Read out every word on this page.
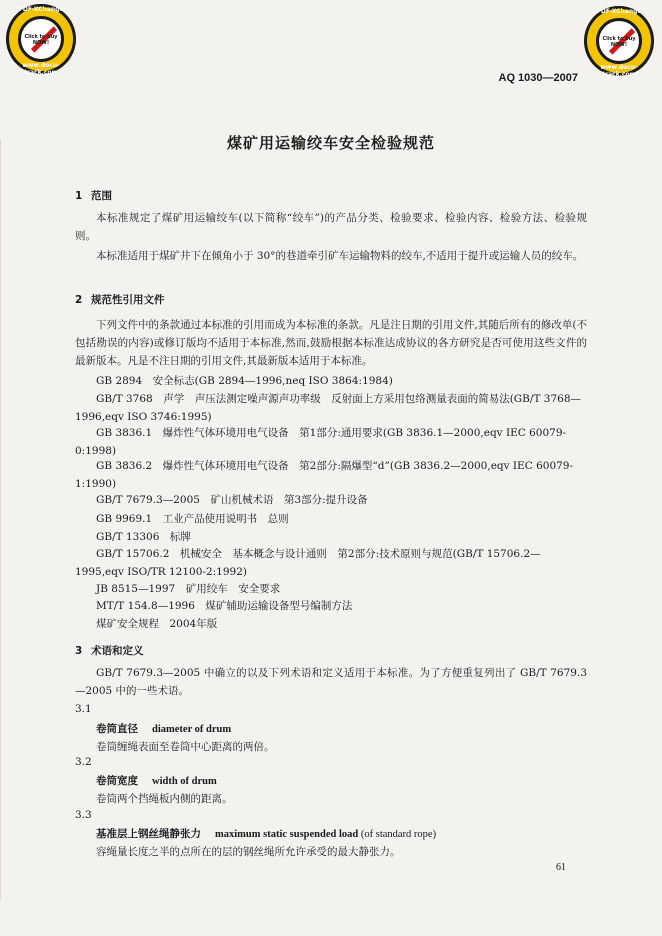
PDF-XChange
Click to buy NOW!
www.docu-track.com
PDF-XChange
Click to buy NOW!
www.docu-track.com
AQ 1030—2007
煤矿用运输绞车安全检验规范
1 范围
本标准规定了煤矿用运输绞车(以下简称“绞车”)的产品分类、检验要求、检验内容、检验方法、检验规则。
本标准适用于煤矿井下在倾角小于 30°的巷道牵引矿车运输物料的绞车,不适用于提升或运输人员的绞车。
2 规范性引用文件
下列文件中的条款通过本标准的引用而成为本标准的条款。凡是注日期的引用文件,其随后所有的修改单(不包括勘误的内容)或修订版均不适用于本标准,然而,鼓励根据本标准达成协议的各方研究是否可使用这些文件的最新版本。凡是不注日期的引用文件,其最新版本适用于本标准。
GB 2894　安全标志(GB 2894—1996,neq ISO 3864:1984)
GB/T 3768　声学　声压法测定噪声源声功率级　反射面上方采用包络测量表面的简易法(GB/T 3768—1996,eqv ISO 3746:1995)
GB 3836.1　爆炸性气体环境用电气设备　第1部分:通用要求(GB 3836.1—2000,eqv IEC 60079-0:1998)
GB 3836.2　爆炸性气体环境用电气设备　第2部分:隔爆型“d”(GB 3836.2—2000,eqv IEC 60079-1:1990)
GB/T 7679.3—2005　矿山机械术语　第3部分:提升设备
GB 9969.1　工业产品使用说明书　总则
GB/T 13306　标牌
GB/T 15706.2　机械安全　基本概念与设计通则　第2部分:技术原则与规范(GB/T 15706.2—1995,eqv ISO/TR 12100-2:1992)
JB 8515—1997　矿用绞车　安全要求
MT/T 154.8—1996　煤矿辅助运输设备型号编制方法
煤矿安全规程　2004年版
3 术语和定义
GB/T 7679.3—2005 中确立的以及下列术语和定义适用于本标准。为了方便重复列出了 GB/T 7679.3—2005 中的一些术语。
3.1
卷筒直径 diameter of drum
卷筒缠绳表面至卷筒中心距离的两倍。
3.2
卷筒宽度 width of drum
卷筒两个挡绳板内侧的距离。
3.3
基准层上钢丝绳静张力 maximum static suspended load (of standard rope)
容绳量长度之半的点所在的层的钢丝绳所允许承受的最大静张力。
61
